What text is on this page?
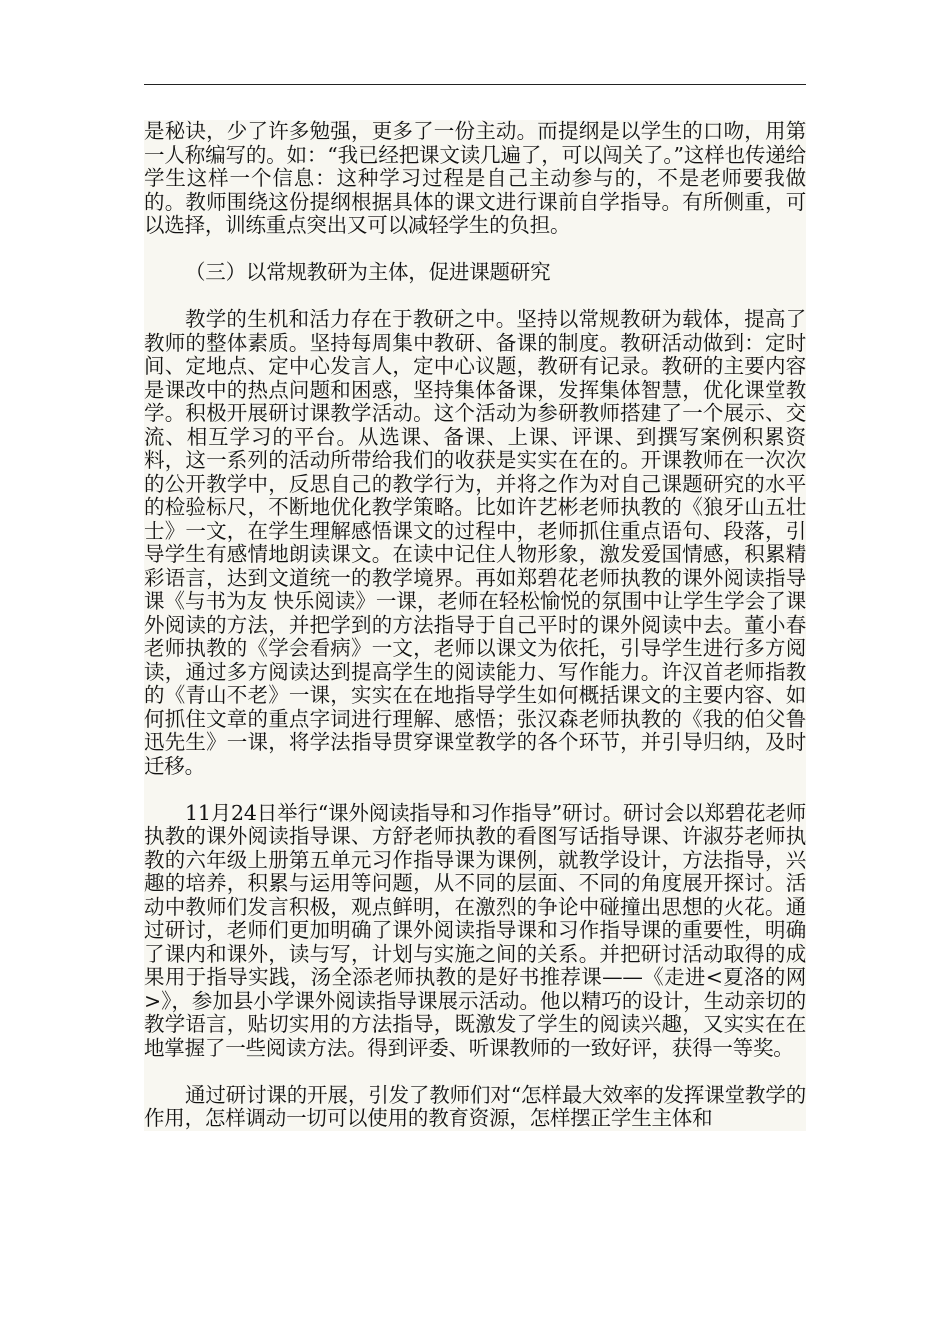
是秘诀，少了许多勉强，更多了一份主动。而提纲是以学生的口吻，用第一人称编写的。如：“我已经把课文读几遍了，可以闯关了。”这样也传递给学生这样一个信息：这种学习过程是自己主动参与的，不是老师要我做的。教师围绕这份提纲根据具体的课文进行课前自学指导。有所侧重，可以选择，训练重点突出又可以减轻学生的负担。

（三）以常规教研为主体，促进课题研究

教学的生机和活力存在于教研之中。坚持以常规教研为载体，提高了教师的整体素质。坚持每周集中教研、备课的制度。教研活动做到：定时间、定地点、定中心发言人，定中心议题，教研有记录。教研的主要内容是课改中的热点问题和困惑，坚持集体备课，发挥集体智慧，优化课堂教学。积极开展研讨课教学活动。这个活动为参研教师搭建了一个展示、交流、相互学习的平台。从选课、备课、上课、评课、到撰写案例积累资料，这一系列的活动所带给我们的收获是实实在在的。开课教师在一次次的公开教学中，反思自己的教学行为，并将之作为对自己课题研究的水平的检验标尺，不断地优化教学策略。比如许艺彬老师执教的《狼牙山五壮士》一文，在学生理解感悟课文的过程中，老师抓住重点语句、段落，引导学生有感情地朗读课文。在读中记住人物形象，激发爱国情感，积累精彩语言，达到文道统一的教学境界。再如郑碧花老师执教的课外阅读指导课《与书为友 快乐阅读》一课，老师在轻松愉悦的氛围中让学生学会了课外阅读的方法，并把学到的方法指导于自己平时的课外阅读中去。董小春老师执教的《学会看病》一文，老师以课文为依托，引导学生进行多方阅读，通过多方阅读达到提高学生的阅读能力、写作能力。许汉首老师指教的《青山不老》一课，实实在在地指导学生如何概括课文的主要内容、如何抓住文章的重点字词进行理解、感悟；张汉森老师执教的《我的伯父鲁迅先生》一课，将学法指导贯穿课堂教学的各个环节，并引导归纳，及时迁移。

11月24日举行“课外阅读指导和习作指导”研讨。研讨会以郑碧花老师执教的课外阅读指导课、方舒老师执教的看图写话指导课、许淑芬老师执教的六年级上册第五单元习作指导课为课例，就教学设计，方法指导，兴趣的培养，积累与运用等问题，从不同的层面、不同的角度展开探讨。活动中教师们发言积极，观点鲜明，在激烈的争论中碰撞出思想的火花。通过研讨，老师们更加明确了课外阅读指导课和习作指导课的重要性，明确了课内和课外，读与写，计划与实施之间的关系。并把研讨活动取得的成果用于指导实践，汤全添老师执教的是好书推荐课——《走进<夏洛的网>》，参加县小学课外阅读指导课展示活动。他以精巧的设计，生动亲切的教学语言，贴切实用的方法指导，既激发了学生的阅读兴趣，又实实在在地掌握了一些阅读方法。得到评委、听课教师的一致好评，获得一等奖。

通过研讨课的开展，引发了教师们对“怎样最大效率的发挥课堂教学的作用，怎样调动一切可以使用的教育资源，怎样摆正学生主体和
